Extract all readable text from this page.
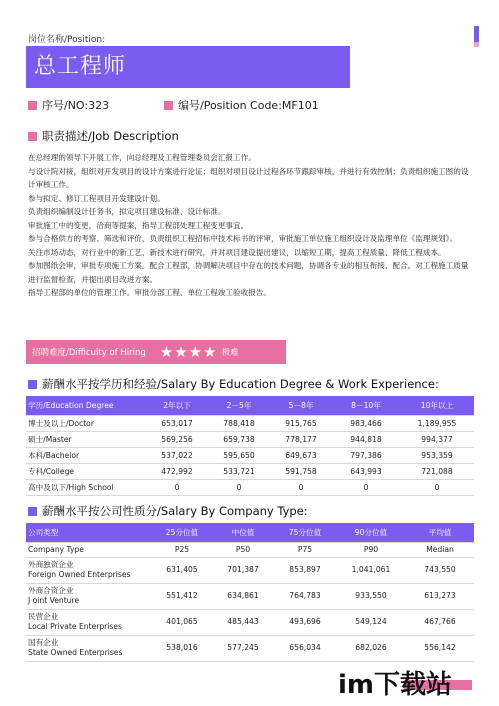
岗位名称/Position:
总工程师
序号/NO:323	编号/Position Code:MF101
职责描述/Job Description

在总经理的领导下开展工作，向总经理及工程管理委员会汇报工作。

与设计院对接，组织对开发项目的设计方案进行论证；组织对项目设计过程各环节跟踪审核，并进行有效控制；负责组织施工图的设计审核工作。

参与拟定、修订工程项目开发建设计划。

负责组织编制设计任务书，拟定项目建设标准、设计标准。

审批施工中的变更，洽商等提案，指导工程部处理工程变更事宜。

参与合格供方的考察、筛选和评价，负责组织工程招标中技术标书的评审，审批施工单位施工组织设计及监理单位《监理规划》。

关注市场动态，对行业中的新工艺、新技术进行研究，并对项目建设提出建议，以缩短工期，提高工程质量、降低工程成本。

参加图纸会审，审批专项施工方案。配合工程部，协调解决项目中存在的技术问题，协调各专业的相互衔接、配合。对工程施工质量进行监督检查，并提出项目改进方案。

指导工程部的单位的管理工作。审批分部工程、单位工程竣工验收报告。

招聘难度/Difficulty of Hiring ★★★★ 极难
薪酬水平按学历和经验/Salary By Education Degree & Work Experience:
学历/Education Degree	2年以下	2－5年	5－8年	8－10年	10年以上
博士及以上/Doctor	653,017	788,418	915,765	983,466	1,189,955
硕士/Master	569,256	659,738	778,177	944,818	994,377
本科/Bachelor	537,022	595,650	649,673	797,386	953,359
专科/College	472,992	533,721	591,758	643,993	721,088
高中及以下/High School	0	0	0	0	0
薪酬水平按公司性质分/Salary By Company Type:
公司类型	25分位值	中位值	75分位值	90分位值	平均值
Company Type	P25	P50	P75	P90	Median

外商独资企业
Foreign Owned Enterprises	631,405	701,387	853,897	1,041,061	743,550

外商合资企业
J oint Venture	551,412	634,861	764,783	933,550	613,273

民营企业
Local Private Enterprises	401,065	485,443	493,696	549,124	467,766

国有企业
State Owned Enterprises	538,016	577,245	656,034	682,026	556,142
im下载站
